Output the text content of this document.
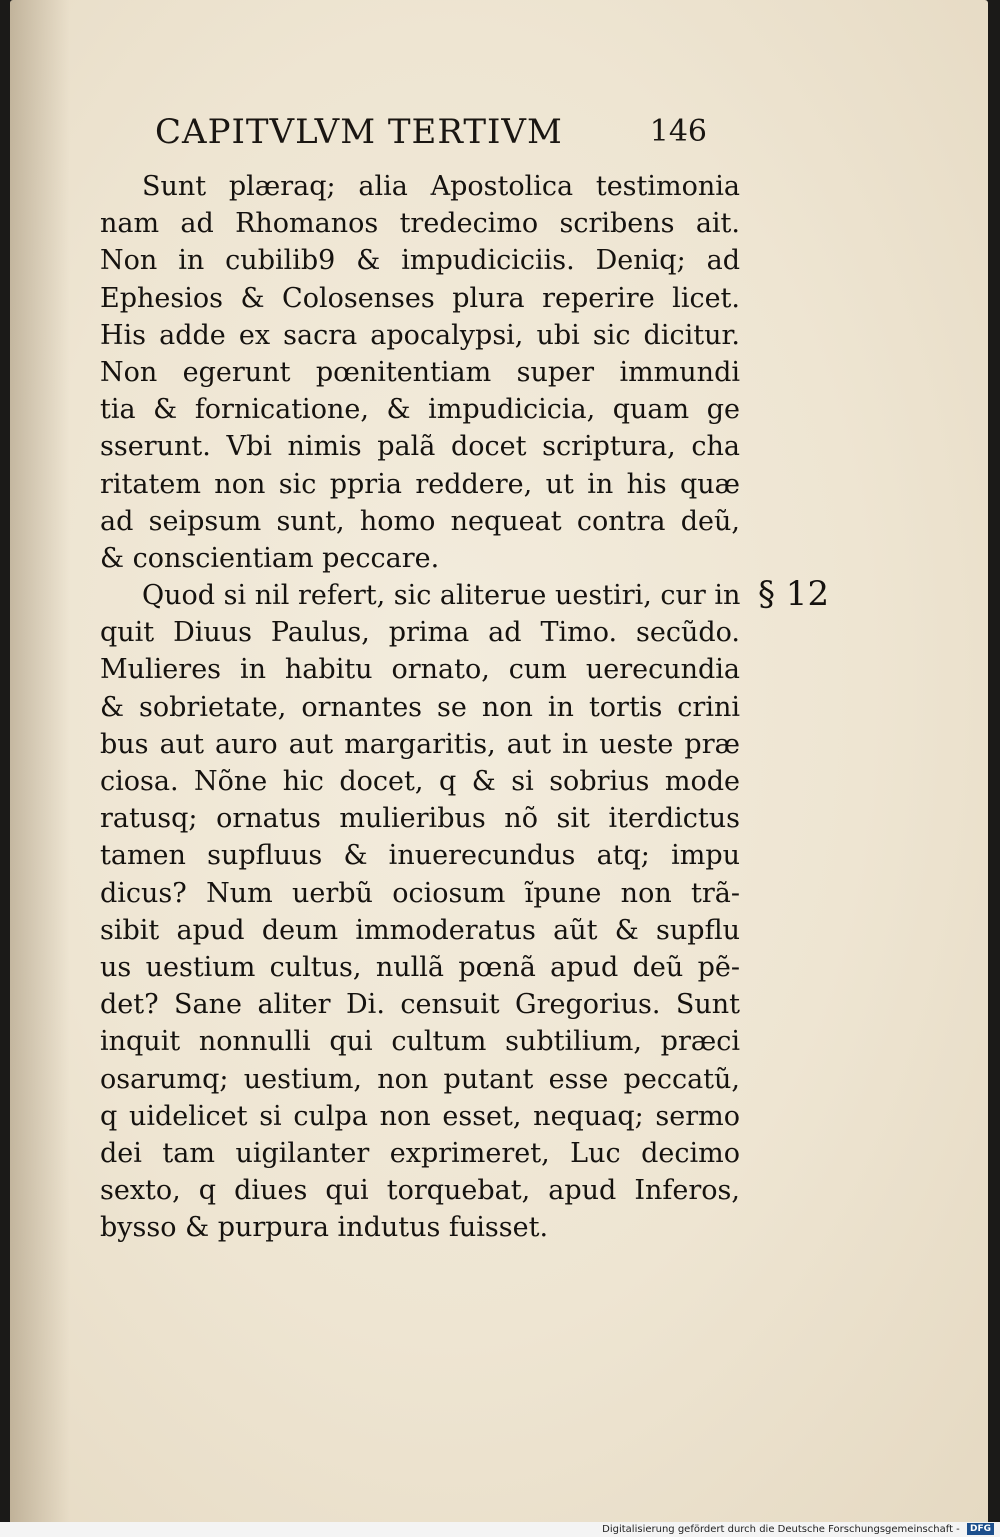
CAPITVLVM TERTIVM	146
Sunt plæraq; alia Apostolica testimonia
nam ad Rhomanos tredecimo scribens ait.
Non in cubilib9 & impudiciciis. Deniq; ad
Ephesios & Colosenses plura reperire licet.
His adde ex sacra apocalypsi, ubi sic dicitur.
Non egerunt pœnitentiam super immundi
tia & fornicatione, & impudicicia, quam ge
sserunt. Vbi nimis palã docet scriptura, cha
ritatem non sic ppria reddere, ut in his quæ
ad seipsum sunt, homo nequeat contra deũ,
& conscientiam peccare.
Quod si nil refert, sic aliterue uestiri, cur in
quit Diuus Paulus, prima ad Timo. secũdo.
Mulieres in habitu ornato, cum uerecundia
& sobrietate, ornantes se non in tortis crini
bus aut auro aut margaritis, aut in ueste præ
ciosa. Nõne hic docet, q & si sobrius mode
ratusq; ornatus mulieribus nõ sit iterdictus
tamen supfluus & inuerecundus atq; impu
dicus? Num uerbũ ociosum ĩpune non trã-
sibit apud deum immoderatus aũt & supflu
us uestium cultus, nullã pœnã apud deũ pẽ-
det? Sane aliter Di. censuit Gregorius. Sunt
inquit nonnulli qui cultum subtilium, præci
osarumq; uestium, non putant esse peccatũ,
q uidelicet si culpa non esset, nequaq; sermo
dei tam uigilanter exprimeret, Luc decimo
sexto, q diues qui torquebat, apud Inferos,
bysso & purpura indutus fuisset.
§ 12
Digitalisierung gefördert durch die Deutsche Forschungsgemeinschaft - DFG
